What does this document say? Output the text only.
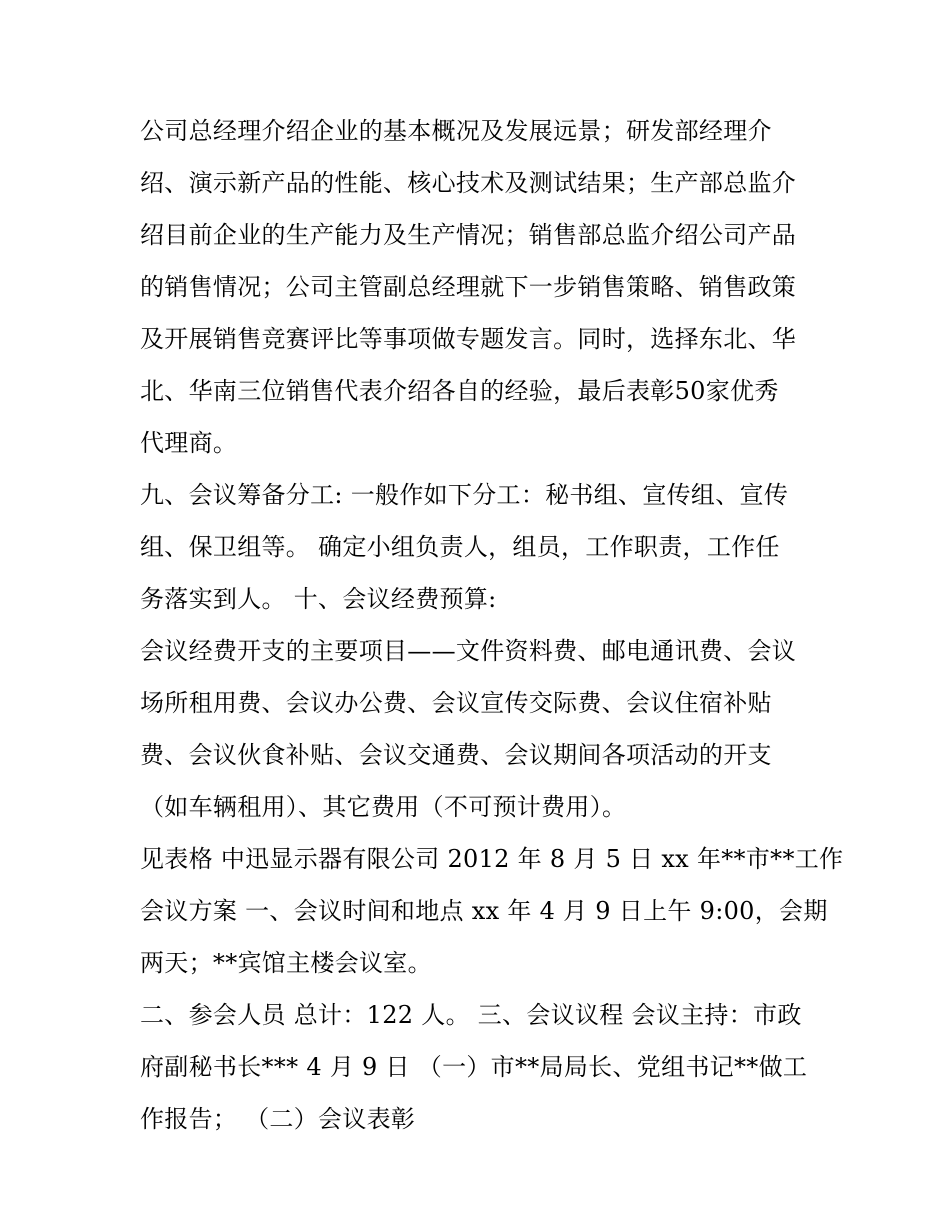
公司总经理介绍企业的基本概况及发展远景；研发部经理介
绍、演示新产品的性能、核心技术及测试结果；生产部总监介
绍目前企业的生产能力及生产情况；销售部总监介绍公司产品
的销售情况；公司主管副总经理就下一步销售策略、销售政策
及开展销售竞赛评比等事项做专题发言。同时，选择东北、华
北、华南三位销售代表介绍各自的经验，最后表彰50家优秀
代理商。
九、会议筹备分工: 一般作如下分工：秘书组、宣传组、宣传
组、保卫组等。 确定小组负责人，组员，工作职责，工作任
务落实到人。 十、会议经费预算:
会议经费开支的主要项目——文件资料费、邮电通讯费、会议
场所租用费、会议办公费、会议宣传交际费、会议住宿补贴
费、会议伙食补贴、会议交通费、会议期间各项活动的开支
（如车辆租用）、其它费用（不可预计费用）。
见表格 中迅显示器有限公司 2012 年 8 月 5 日 xx 年**市**工作
会议方案 一、会议时间和地点 xx 年 4 月 9 日上午 9:00，会期
两天；**宾馆主楼会议室。
二、参会人员 总计：122 人。 三、会议议程 会议主持：市政
府副秘书长*** 4 月 9 日 （一）市**局局长、党组书记**做工
作报告； （二）会议表彰
